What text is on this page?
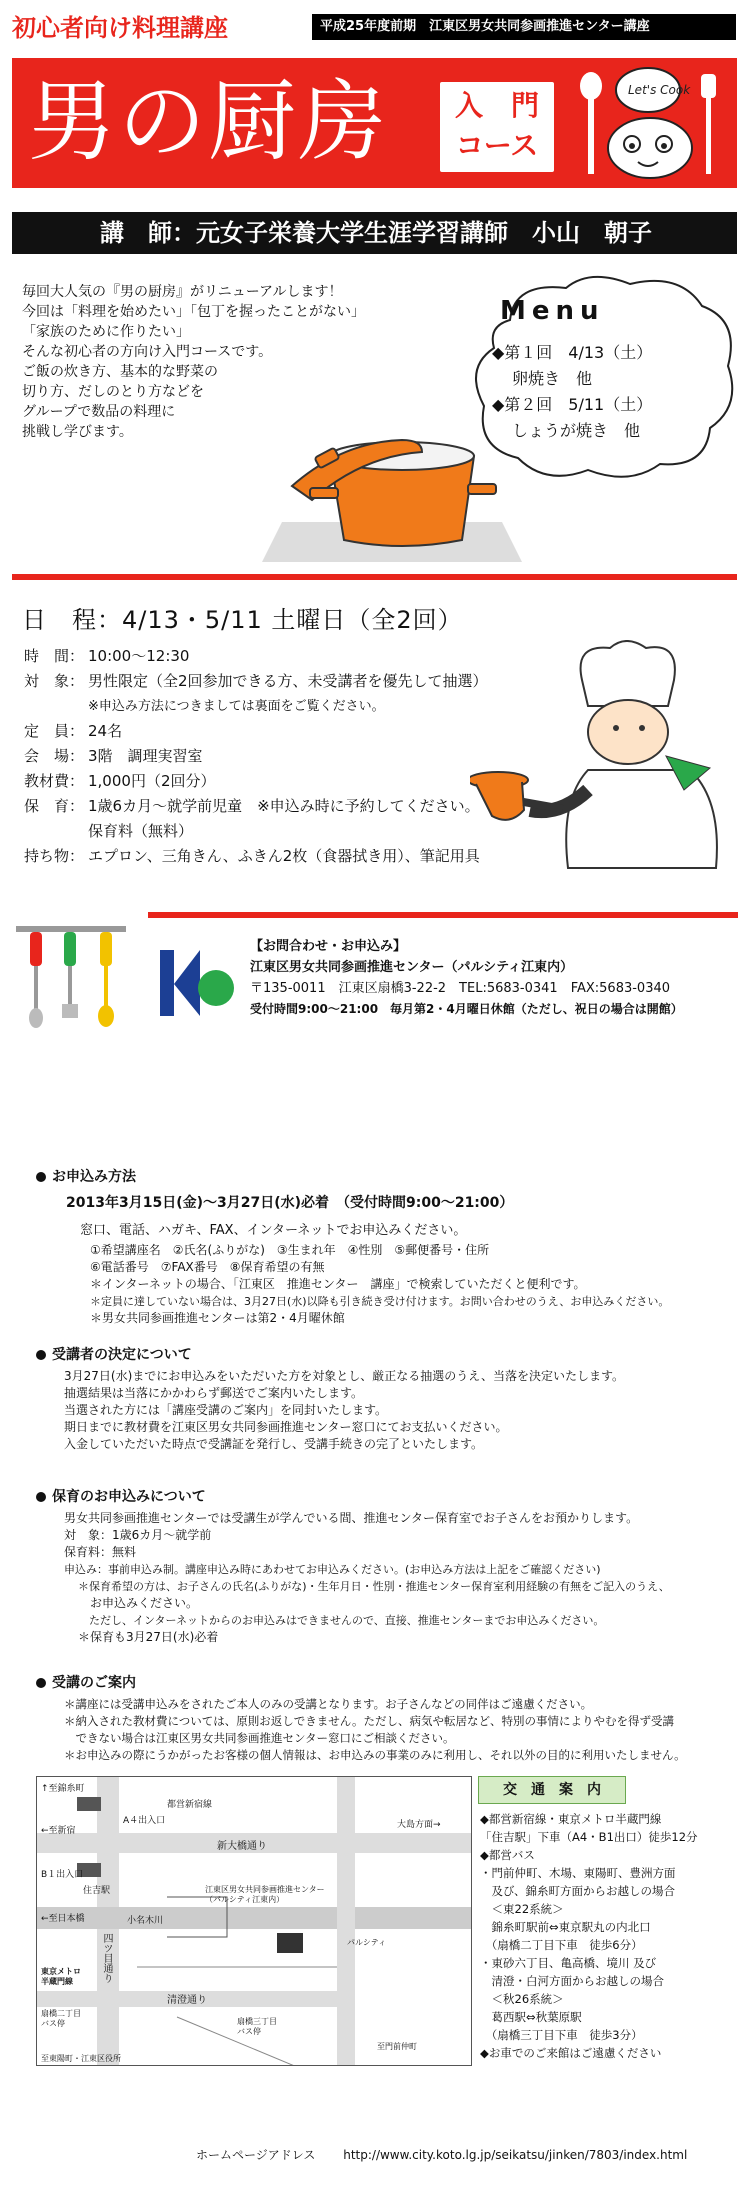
初心者向け料理講座	平成25年度前期　江東区男女共同参画推進センター講座
男の厨房	入　門
コース
Let's Cook
講　師：元女子栄養大学生涯学習講師　小山　朝子
毎回大人気の『男の厨房』がリニューアルします！
今回は「料理を始めたい」「包丁を握ったことがない」
「家族のために作りたい」
そんな初心者の方向け入門コースです。
ご飯の炊き方、基本的な野菜の
切り方、だしのとり方などを
グループで数品の料理に
挑戦し学びます。
Menu
◆第１回　4/13（土）
卵焼き　他
◆第２回　5/11（土）
しょうが焼き　他
日　程：4/13・5/11 土曜日（全2回）
時　間： 10:00〜12:30
対　象： 男性限定（全2回参加できる方、未受講者を優先して抽選）
※申込み方法につきましては裏面をご覧ください。
定　員： 24名
会　場： 3階　調理実習室
教材費： 1,000円（2回分）
保　育： 1歳6カ月〜就学前児童　※申込み時に予約してください。
保育料（無料）
持ち物： エプロン、三角きん、ふきん2枚（食器拭き用）、筆記用具
【お問合わせ・お申込み】
江東区男女共同参画推進センター（パルシティ江東内）
〒135-0011　江東区扇橋3-22-2　TEL:5683-0341　FAX:5683-0340
受付時間9:00〜21:00　毎月第2・4月曜日休館（ただし、祝日の場合は開館）
お申込み方法
2013年3月15日(金)〜3月27日(水)必着　（受付時間9:00〜21:00）
窓口、電話、ハガキ、FAX、インターネットでお申込みください。
①希望講座名　②氏名(ふりがな)　③生まれ年　④性別　⑤郵便番号・住所
⑥電話番号　⑦FAX番号　⑧保育希望の有無
＊インターネットの場合、「江東区　推進センター　講座」で検索していただくと便利です。
＊定員に達していない場合は、3月27日(水)以降も引き続き受け付けます。お問い合わせのうえ、お申込みください。
＊男女共同参画推進センターは第2・4月曜休館
受講者の決定について
3月27日(水)までにお申込みをいただいた方を対象とし、厳正なる抽選のうえ、当落を決定いたします。
抽選結果は当落にかかわらず郵送でご案内いたします。
当選された方には「講座受講のご案内」を同封いたします。
期日までに教材費を江東区男女共同参画推進センター窓口にてお支払いください。
入金していただいた時点で受講証を発行し、受講手続きの完了といたします。
保育のお申込みについて
男女共同参画推進センターでは受講生が学んでいる間、推進センター保育室でお子さんをお預かりします。
対　象：1歳6カ月〜就学前
保育料：無料
申込み：事前申込み制。講座申込み時にあわせてお申込みください。(お申込み方法は上記をご確認ください)
＊保育希望の方は、お子さんの氏名(ふりがな)・生年月日・性別・推進センター保育室利用経験の有無をご記入のうえ、
　お申込みください。
　ただし、インターネットからのお申込みはできませんので、直接、推進センターまでお申込みください。
＊保育も3月27日(水)必着
受講のご案内
＊講座には受講申込みをされたご本人のみの受講となります。お子さんなどの同伴はご遠慮ください。
＊納入された教材費については、原則お返しできません。ただし、病気や転居など、特別の事情によりやむを得ず受講
　できない場合は江東区男女共同参画推進センター窓口にご相談ください。
＊お申込みの際にうかがったお客様の個人情報は、お申込みの事業のみに利用し、それ以外の目的に利用いたしません。
↑至錦糸町
都営新宿線
A４出入口
新大橋通り
←至新宿
住吉駅
B１出入口
大島方面→
←至日本橋
清澄通り
四ツ目通り
江東区男女共同参画推進センター
（パルシティ江東内）
東京メトロ
半蔵門線
扇橋二丁目
バス停	扇橋三丁目
バス停
至東陽町・江東区役所
至門前仲町
パルシティ
小名木川
交　通　案　内
◆都営新宿線・東京メトロ半蔵門線
「住吉駅」下車（A4・B1出口）徒歩12分
◆都営バス
・門前仲町、木場、東陽町、豊洲方面
　及び、錦糸町方面からお越しの場合
　＜東22系統＞
　錦糸町駅前⇔東京駅丸の内北口
　（扇橋二丁目下車　徒歩6分）
・東砂六丁目、亀高橋、境川 及び
　清澄・白河方面からお越しの場合
　＜秋26系統＞
　葛西駅⇔秋葉原駅
　（扇橋三丁目下車　徒歩3分）
◆お車でのご来館はご遠慮ください
ホームページアドレス http://www.city.koto.lg.jp/seikatsu/jinken/7803/index.html
